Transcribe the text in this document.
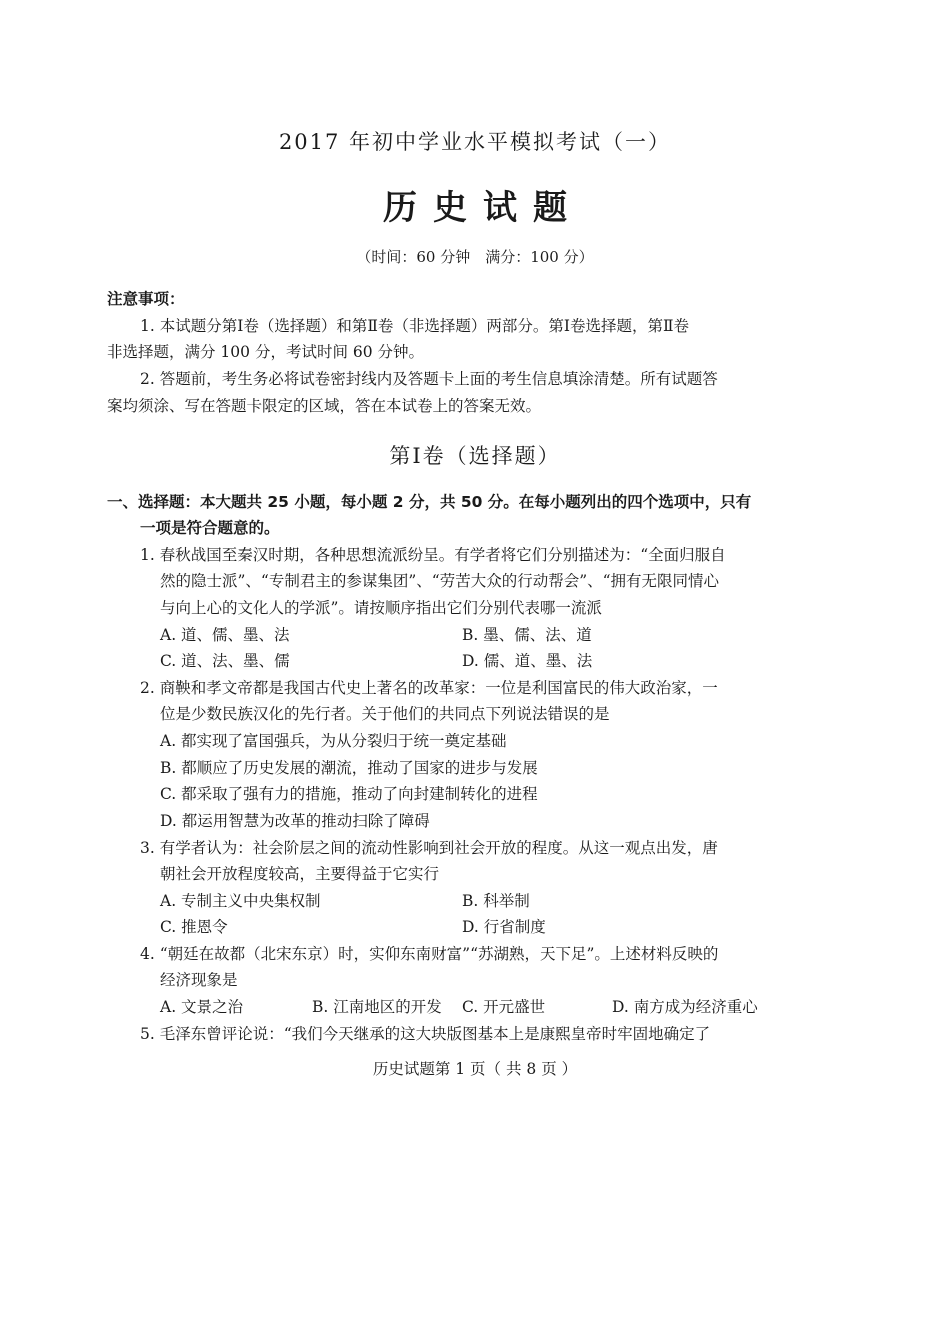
2017 年初中学业水平模拟考试（一）
历史试题
（时间：60 分钟　满分：100 分）
注意事项：
1. 本试题分第Ⅰ卷（选择题）和第Ⅱ卷（非选择题）两部分。第Ⅰ卷选择题，第Ⅱ卷
非选择题，满分 100 分，考试时间 60 分钟。
2. 答题前，考生务必将试卷密封线内及答题卡上面的考生信息填涂清楚。所有试题答
案均须涂、写在答题卡限定的区域，答在本试卷上的答案无效。
第Ⅰ卷（选择题）
一、选择题：本大题共 25 小题，每小题 2 分，共 50 分。在每小题列出的四个选项中，只有
一项是符合题意的。
1. 春秋战国至秦汉时期，各种思想流派纷呈。有学者将它们分别描述为：“全面归服自
然的隐士派”、“专制君主的参谋集团”、“劳苦大众的行动帮会”、“拥有无限同情心
与向上心的文化人的学派”。请按顺序指出它们分别代表哪一流派
A. 道、儒、墨、法	B. 墨、儒、法、道
C. 道、法、墨、儒	D. 儒、道、墨、法
2. 商鞅和孝文帝都是我国古代史上著名的改革家：一位是利国富民的伟大政治家，一
位是少数民族汉化的先行者。关于他们的共同点下列说法错误的是
A. 都实现了富国强兵，为从分裂归于统一奠定基础
B. 都顺应了历史发展的潮流，推动了国家的进步与发展
C. 都采取了强有力的措施，推动了向封建制转化的进程
D. 都运用智慧为改革的推动扫除了障碍
3. 有学者认为：社会阶层之间的流动性影响到社会开放的程度。从这一观点出发，唐
朝社会开放程度较高，主要得益于它实行
A. 专制主义中央集权制	B. 科举制
C. 推恩令	D. 行省制度
4. “朝廷在故都（北宋东京）时，实仰东南财富”“苏湖熟，天下足”。上述材料反映的
经济现象是
A. 文景之治	B. 江南地区的开发 C. 开元盛世	D. 南方成为经济重心
5. 毛泽东曾评论说：“我们今天继承的这大块版图基本上是康熙皇帝时牢固地确定了
历史试题第 1 页（ 共 8 页 ）
